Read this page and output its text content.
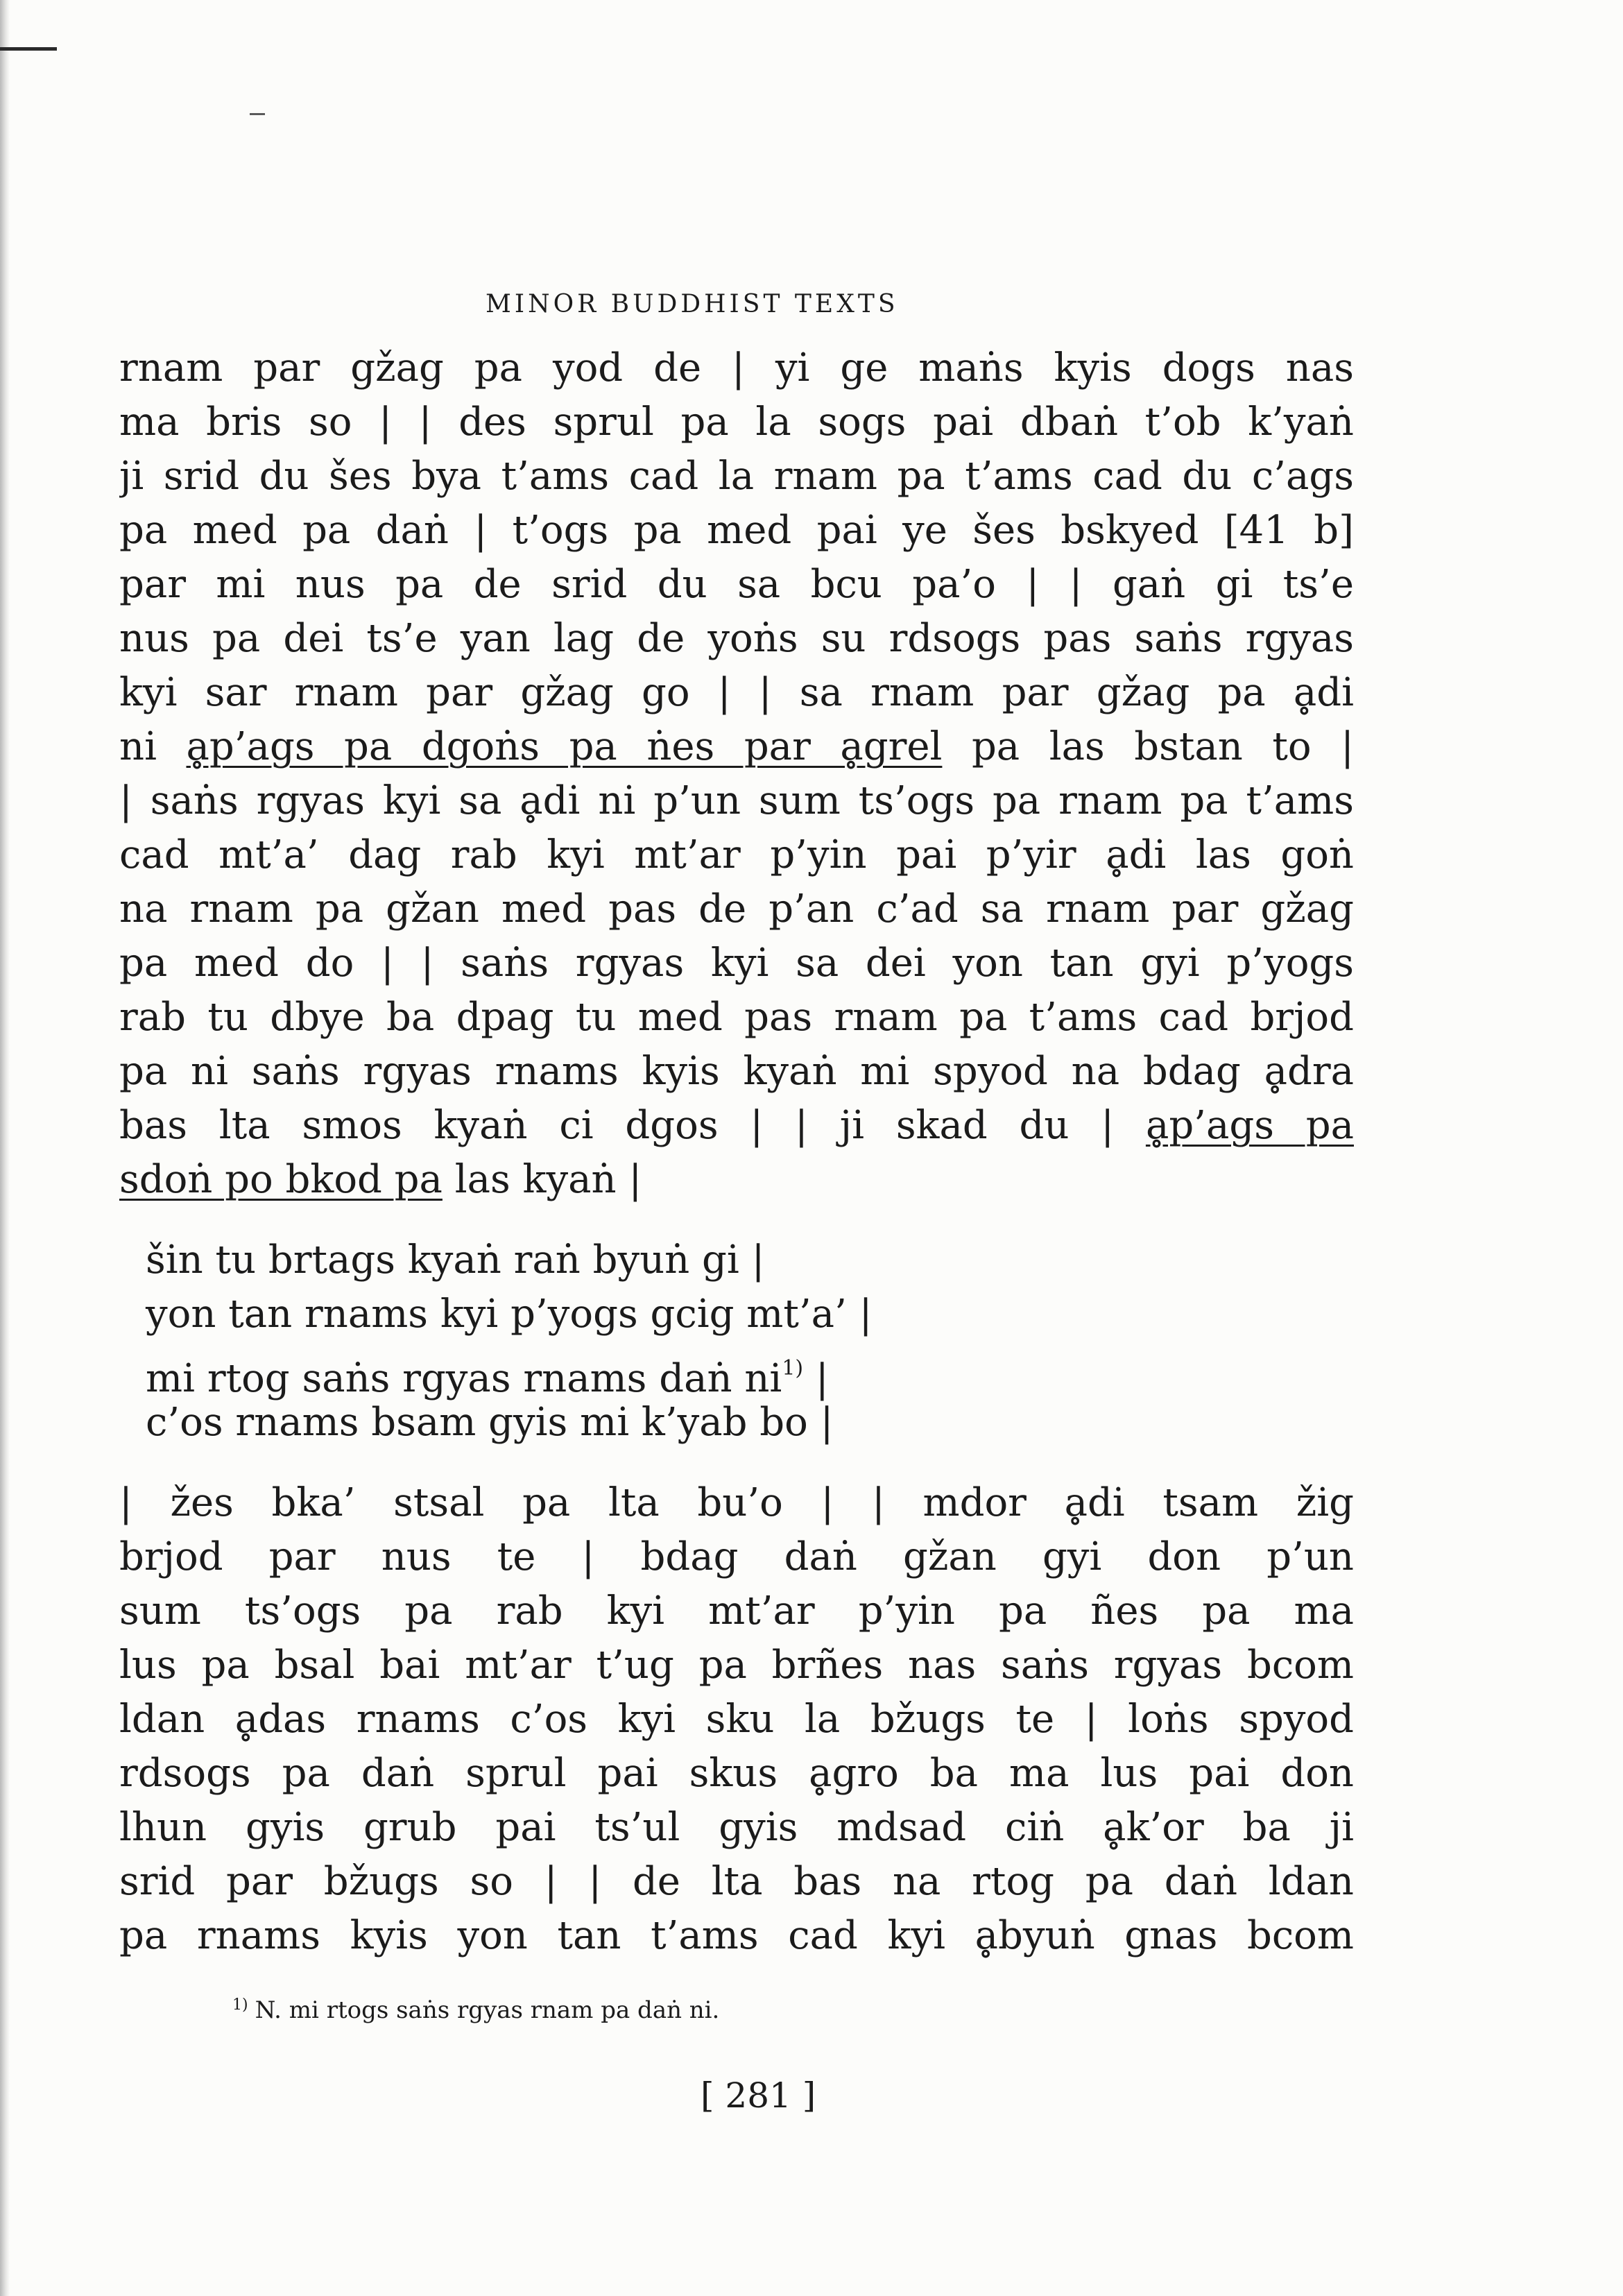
MINOR BUDDHIST TEXTS
rnam par gžag pa yod de | yi ge maṅs kyis dogs nas
ma bris so | | des sprul pa la sogs pai dbaṅ t’ob k’yaṅ
ji srid du šes bya t’ams cad la rnam pa t’ams cad du c’ags
pa med pa daṅ | t’ogs pa med pai ye šes bskyed [41 b]
par mi nus pa de srid du sa bcu pa’o | | gaṅ gi ts’e
nus pa dei ts’e yan lag de yoṅs su rdsogs pas saṅs rgyas
kyi sar rnam par gžag go | | sa rnam par gžag pa ḁdi
ni ḁp’ags pa dgoṅs pa ṅes par ḁgrel pa las bstan to |
| saṅs rgyas kyi sa ḁdi ni p’un sum ts’ogs pa rnam pa t’ams
cad mt’a’ dag rab kyi mt’ar p’yin pai p’yir ḁdi las goṅ
na rnam pa gžan med pas de p’an c’ad sa rnam par gžag
pa med do | | saṅs rgyas kyi sa dei yon tan gyi p’yogs
rab tu dbye ba dpag tu med pas rnam pa t’ams cad brjod
pa ni saṅs rgyas rnams kyis kyaṅ mi spyod na bdag ḁdra
bas lta smos kyaṅ ci dgos | | ji skad du | ḁp’ags pa
sdoṅ po bkod pa las kyaṅ |
šin tu brtags kyaṅ raṅ byuṅ gi |
yon tan rnams kyi p’yogs gcig mt’a’ |
mi rtog saṅs rgyas rnams daṅ ni$^{1)}$ |
c’os rnams bsam gyis mi k’yab bo |
| žes bka’ stsal pa lta bu’o | | mdor ḁdi tsam žig
brjod par nus te | bdag daṅ gžan gyi don p’un
sum ts’ogs pa rab kyi mt’ar p’yin pa ñes pa ma
lus pa bsal bai mt’ar t’ug pa brñes nas saṅs rgyas bcom
ldan ḁdas rnams c’os kyi sku la bžugs te | loṅs spyod
rdsogs pa daṅ sprul pai skus ḁgro ba ma lus pai don
lhun gyis grub pai ts’ul gyis mdsad ciṅ ḁk’or ba ji
srid par bžugs so | | de lta bas na rtog pa daṅ ldan
pa rnams kyis yon tan t’ams cad kyi ḁbyuṅ gnas bcom
$^{1)}$ N. mi rtogs saṅs rgyas rnam pa daṅ ni.
[ 281 ]
